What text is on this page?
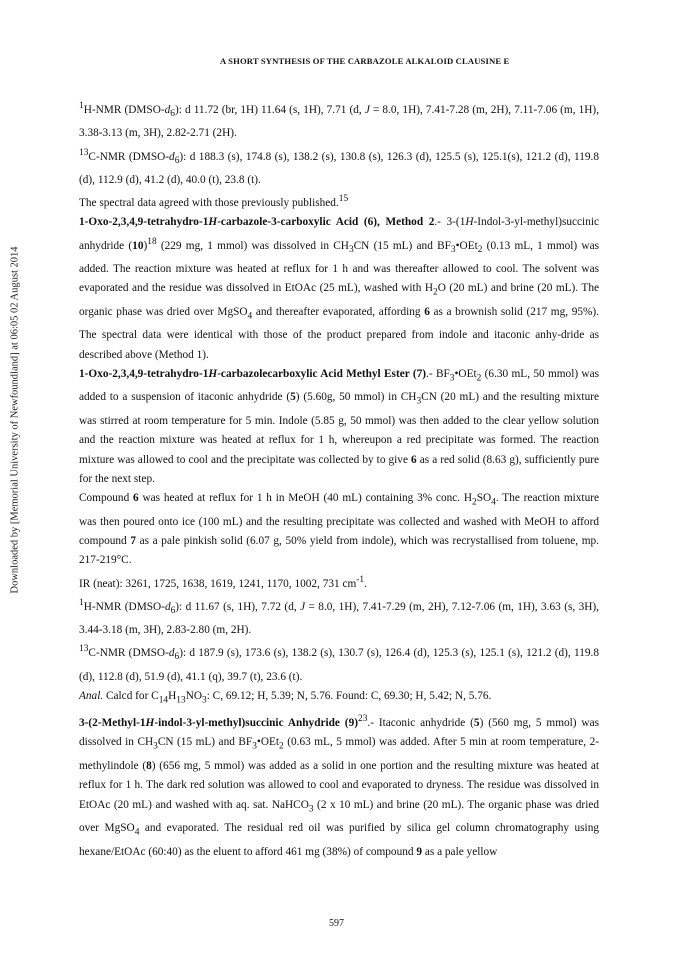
A SHORT SYNTHESIS OF THE CARBAZOLE ALKALOID CLAUSINE E
Downloaded by [Memorial University of Newfoundland] at 06:05 02 August 2014

$^1$H-NMR $(DMSO-d_6)$: d 11.72 (br, 1H) 11.64 (s, 1H), 7.71 (d, J = 8.0, 1H), 7.41-7.28 (m, 2H), 7.11-7.06 (m, 1H), 3.38-3.13 (m, 3H), 2.82-2.71 (2H).

$^{13}$C-NMR $(DMSO-d_6)$: d 188.3 (s), 174.8 (s), 138.2 (s), 130.8 (s), 126.3 (d), 125.5 (s), 125.1(s), 121.2 (d), 119.8 (d), 112.9 (d), 41.2 (d), 40.0 (t), 23.8 (t).

The spectral data agreed with those previously published.$^{15}$

1-Oxo-2,3,4,9-tetrahydro-1H-carbazole-3-carboxylic Acid (6), Method 2.- 3-(1H-Indol-3-yl-methyl)succinic anhydride $(10)^{18}$ (229 mg, 1 mmol) was dissolved in $CH_3CN$ (15 mL) and $BF_3•OEt_2$ (0.13 mL, 1 mmol) was added. The reaction mixture was heated at reflux for 1 h and was thereafter allowed to cool. The solvent was evaporated and the residue was dissolved in EtOAc (25 mL), washed with $H_2O$ (20 mL) and brine (20 mL). The organic phase was dried over MgSO$_4$ and thereafter evaporated, affording 6 as a brownish solid (217 mg, 95%). The spectral data were identical with those of the product prepared from indole and itaconic anhy-dride as described above (Method 1).

1-Oxo-2,3,4,9-tetrahydro-1H-carbazolecarboxylic Acid Methyl Ester (7).- $BF_3•OEt_2$ (6.30 mL, 50 mmol) was added to a suspension of itaconic anhydride (5) (5.60g, 50 mmol) in $CH_3CN$ (20 mL) and the resulting mixture was stirred at room temperature for 5 min. Indole (5.85 g, 50 mmol) was then added to the clear yellow solution and the reaction mixture was heated at reflux for 1 h, whereupon a red precipitate was formed. The reaction mixture was allowed to cool and the precipitate was collected by to give 6 as a red solid (8.63 g), sufficiently pure for the next step.

Compound 6 was heated at reflux for 1 h in MeOH (40 mL) containing 3% conc. $H_2SO_4$. The reaction mixture was then poured onto ice (100 mL) and the resulting precipitate was collected and washed with MeOH to afford compound 7 as a pale pinkish solid (6.07 g, 50% yield from indole), which was recrystallised from toluene, mp. 217-219°C.

IR (neat): 3261, 1725, 1638, 1619, 1241, 1170, 1002, 731 $cm^{-1}$.

$^1$H-NMR $(DMSO-d_6)$: d 11.67 (s, 1H), 7.72 (d, J = 8.0, 1H), 7.41-7.29 (m, 2H), 7.12-7.06 (m, 1H), 3.63 (s, 3H), 3.44-3.18 (m, 3H), 2.83-2.80 (m, 2H).

$^{13}$C-NMR $(DMSO-d_6)$: d 187.9 (s), 173.6 (s), 138.2 (s), 130.7 (s), 126.4 (d), 125.3 (s), 125.1 (s), 121.2 (d), 119.8 (d), 112.8 (d), 51.9 (d), 41.1 (q), 39.7 (t), 23.6 (t).

Anal. Calcd for $C_{14}H_{13}NO_3$: C, 69.12; H, 5.39; N, 5.76. Found: C, 69.30; H, 5.42; N, 5.76.

3-(2-Methyl-1H-indol-3-yl-methyl)succinic Anhydride $(9)^{23}.-$ Itaconic anhydride (5) (560 mg, 5 mmol) was dissolved in $CH_3CN$ (15 mL) and $BF_3•OEt_2$ (0.63 mL, 5 mmol) was added. After 5 min at room temperature, 2-methylindole (8) (656 mg, 5 mmol) was added as a solid in one portion and the resulting mixture was heated at reflux for 1 h. The dark red solution was allowed to cool and evaporated to dryness. The residue was dissolved in EtOAc (20 mL) and washed with aq. sat. NaHCO$_3$ (2 x 10 mL) and brine (20 mL). The organic phase was dried over MgSO$_4$ and evaporated. The residual red oil was purified by silica gel column chromatography using hexane/EtOAc (60:40) as the eluent to afford 461 mg (38%) of compound 9 as a pale yellow

597
